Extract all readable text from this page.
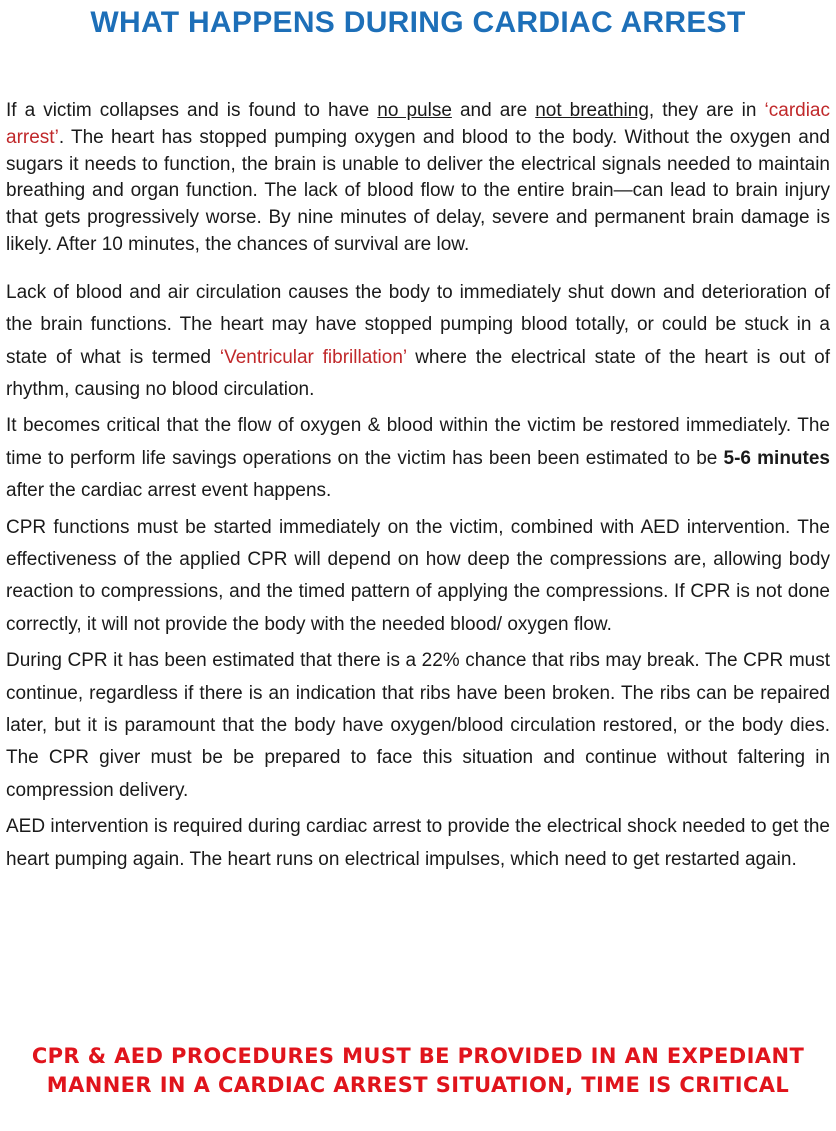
WHAT HAPPENS DURING CARDIAC ARREST

If a victim collapses and is found to have no pulse and are not breathing, they are in ‘cardiac arrest’. The heart has stopped pumping oxygen and blood to the body. Without the oxygen and sugars it needs to function, the brain is unable to deliver the electrical signals needed to maintain breathing and organ function. The lack of blood flow to the entire brain—can lead to brain injury that gets progressively worse. By nine minutes of delay, severe and permanent brain damage is likely. After 10 minutes, the chances of survival are low.

Lack of blood and air circulation causes the body to immediately shut down and deterioration of the brain functions. The heart may have stopped pumping blood totally, or could be stuck in a state of what is termed ‘Ventricular fibrillation’ where the electrical state of the heart is out of rhythm, causing no blood circulation.

It becomes critical that the flow of oxygen & blood within the victim be restored immediately. The time to perform life savings operations on the victim has been been estimated to be 5-6 minutes after the cardiac arrest event happens.

CPR functions must be started immediately on the victim, combined with AED intervention. The effectiveness of the applied CPR will depend on how deep the compressions are, allowing body reaction to compressions, and the timed pattern of applying the compressions. If CPR is not done correctly, it will not provide the body with the needed blood/ oxygen flow.

During CPR it has been estimated that there is a 22% chance that ribs may break. The CPR must continue, regardless if there is an indication that ribs have been broken. The ribs can be repaired later, but it is paramount that the body have oxygen/blood circulation restored, or the body dies. The CPR giver must be be prepared to face this situation and continue without faltering in compression delivery.

AED intervention is required during cardiac arrest to provide the electrical shock needed to get the heart pumping again. The heart runs on electrical impulses, which need to get restarted again.

CPR & AED PROCEDURES MUST BE PROVIDED IN AN EXPEDIANT
MANNER IN A CARDIAC ARREST SITUATION, TIME IS CRITICAL
